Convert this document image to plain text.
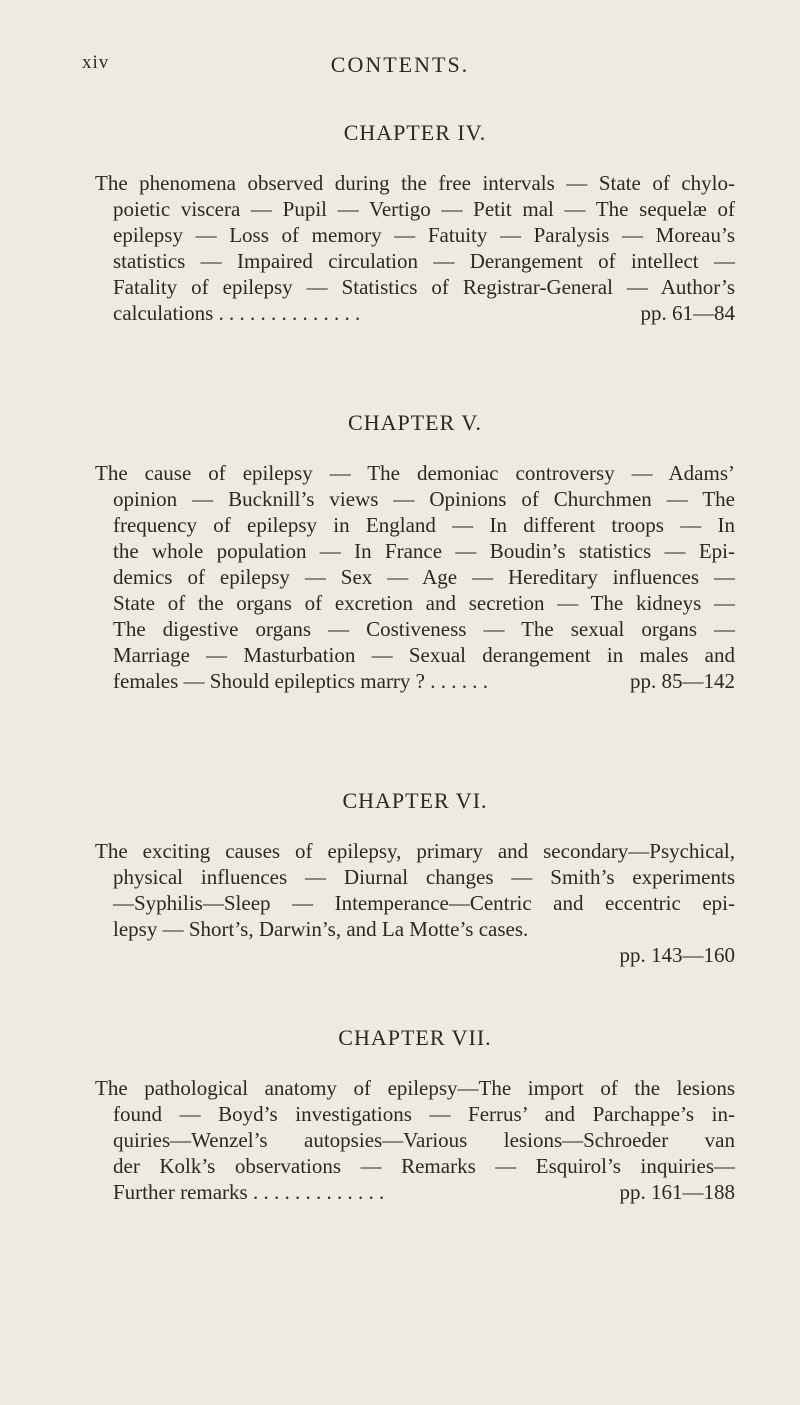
xiv	CONTENTS.
CHAPTER IV.
The phenomena observed during the free intervals — State of chylo-
poietic viscera — Pupil — Vertigo — Petit mal — The sequelæ of
epilepsy — Loss of memory — Fatuity — Paralysis — Moreau’s
statistics — Impaired circulation — Derangement of intellect —
Fatality of epilepsy — Statistics of Registrar-General — Author’s
calculations . . . . . . . . . . . . . .	pp. 61—84
CHAPTER V.
The cause of epilepsy — The demoniac controversy — Adams’
opinion — Bucknill’s views — Opinions of Churchmen — The
frequency of epilepsy in England — In different troops — In
the whole population — In France — Boudin’s statistics — Epi-
demics of epilepsy — Sex — Age — Hereditary influences —
State of the organs of excretion and secretion — The kidneys —
The digestive organs — Costiveness — The sexual organs —
Marriage — Masturbation — Sexual derangement in males and
females — Should epileptics marry ? . . . . . .	pp. 85—142
CHAPTER VI.
The exciting causes of epilepsy, primary and secondary—Psychical,
physical influences — Diurnal changes — Smith’s experiments
—Syphilis—Sleep — Intemperance—Centric and eccentric epi-
lepsy — Short’s, Darwin’s, and La Motte’s cases.
pp. 143—160
CHAPTER VII.
The pathological anatomy of epilepsy—The import of the lesions
found — Boyd’s investigations — Ferrus’ and Parchappe’s in-
quiries—Wenzel’s autopsies—Various lesions—Schroeder van
der Kolk’s observations — Remarks — Esquirol’s inquiries—
Further remarks . . . . . . . . . . . . .	pp. 161—188
